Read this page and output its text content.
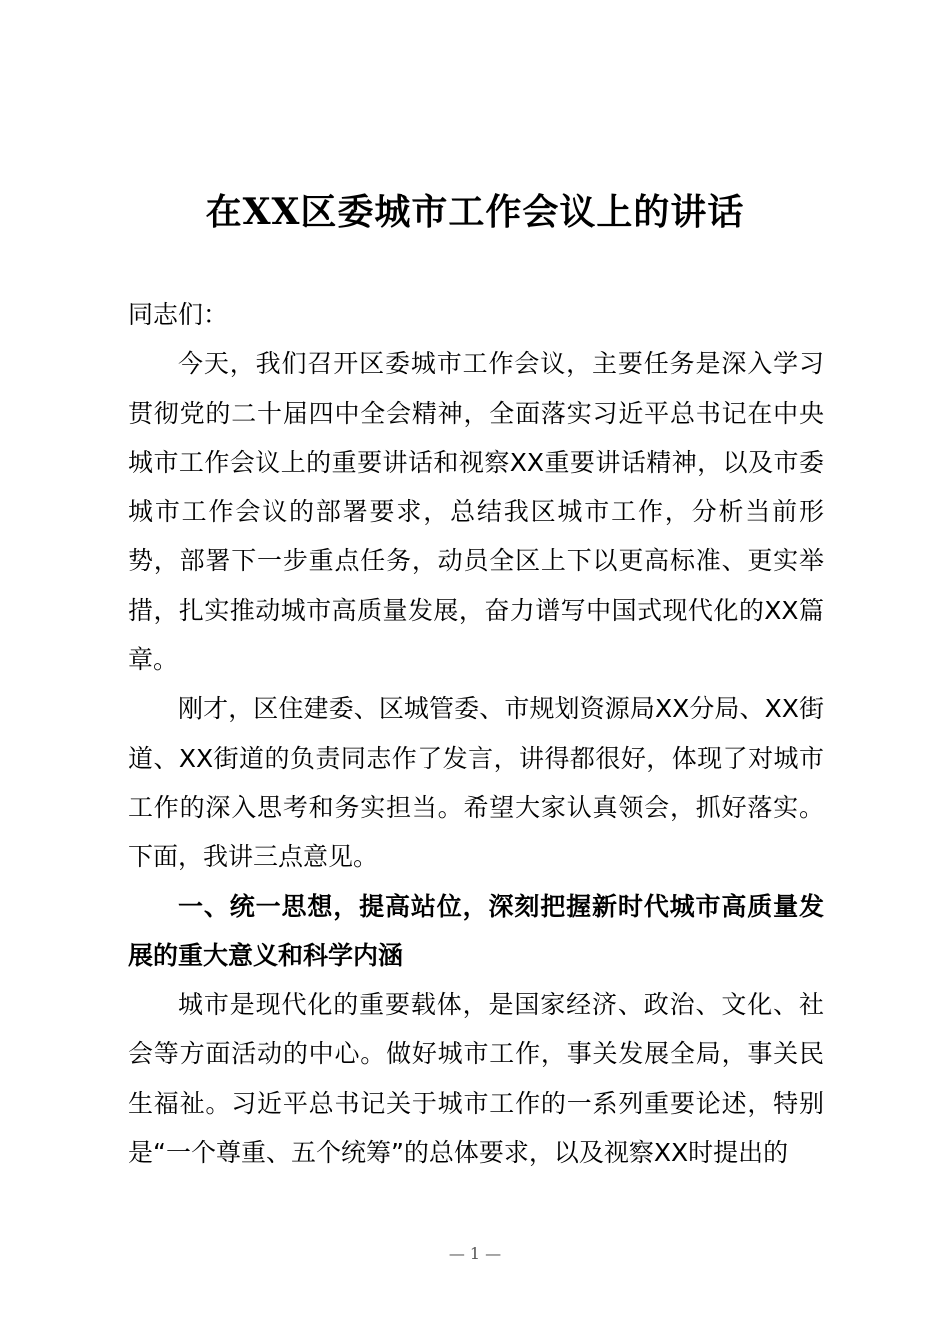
在XX区委城市工作会议上的讲话

同志们：

今天，我们召开区委城市工作会议，主要任务是深入学习贯彻党的二十届四中全会精神，全面落实习近平总书记在中央城市工作会议上的重要讲话和视察XX重要讲话精神，以及市委城市工作会议的部署要求，总结我区城市工作，分析当前形势，部署下一步重点任务，动员全区上下以更高标准、更实举措，扎实推动城市高质量发展，奋力谱写中国式现代化的XX篇章。

刚才，区住建委、区城管委、市规划资源局XX分局、XX街道、XX街道的负责同志作了发言，讲得都很好，体现了对城市工作的深入思考和务实担当。希望大家认真领会，抓好落实。下面，我讲三点意见。

一、统一思想，提高站位，深刻把握新时代城市高质量发展的重大意义和科学内涵

城市是现代化的重要载体，是国家经济、政治、文化、社会等方面活动的中心。做好城市工作，事关发展全局，事关民生福祉。习近平总书记关于城市工作的一系列重要论述，特别是“一个尊重、五个统筹”的总体要求，以及视察XX时提出的

— 1 —
